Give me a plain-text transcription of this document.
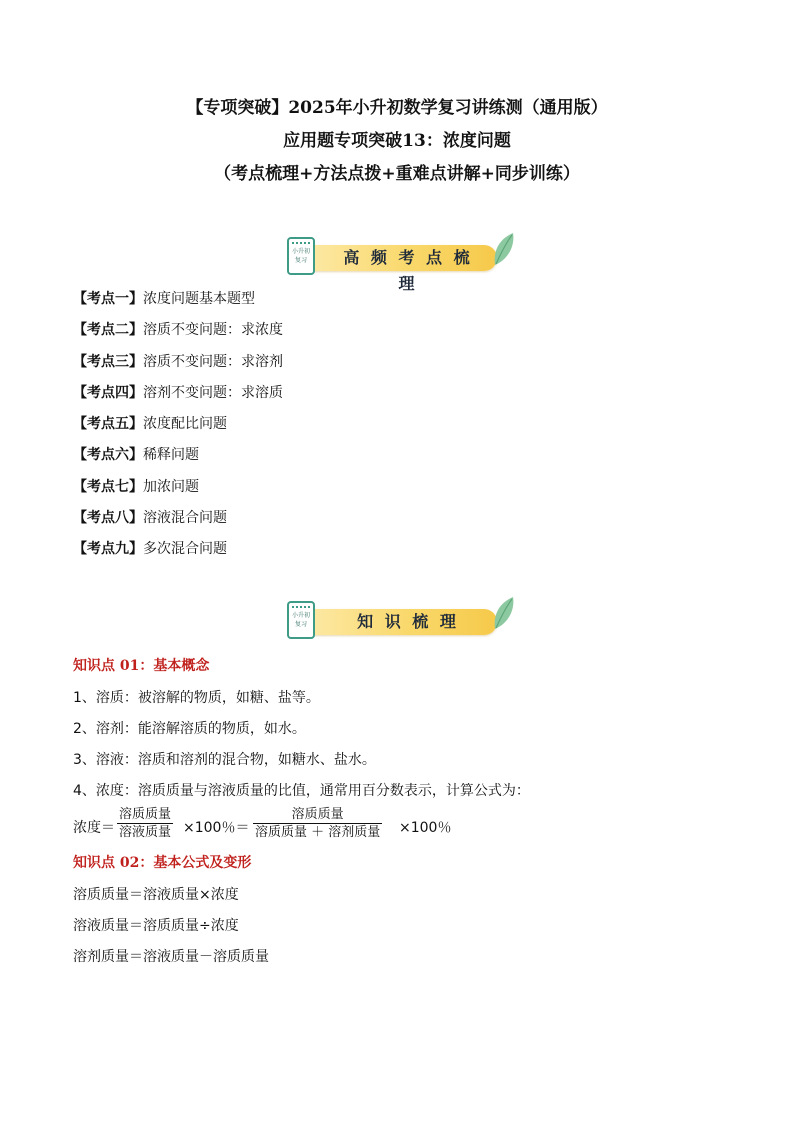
【专项突破】2025年小升初数学复习讲练测（通用版）
应用题专项突破13：浓度问题
（考点梳理+方法点拨+重难点讲解+同步训练）
高 频 考 点 梳 理
小升初
复习
【考点一】浓度问题基本题型
【考点二】溶质不变问题：求浓度
【考点三】溶质不变问题：求溶剂
【考点四】溶剂不变问题：求溶质
【考点五】浓度配比问题
【考点六】稀释问题
【考点七】加浓问题
【考点八】溶液混合问题
【考点九】多次混合问题
知 识 梳 理
小升初
复习
知识点 01：基本概念
1、溶质：被溶解的物质，如糖、盐等。
2、溶剂：能溶解溶质的物质，如水。
3、溶液：溶质和溶剂的混合物，如糖水、盐水。
4、浓度：溶质质量与溶液质量的比值，通常用百分数表示，计算公式为：
浓度＝
溶质质量
溶液质量 ×100％＝
溶质质量
溶质质量 ＋ 溶剂质量 ×100％
知识点 02：基本公式及变形
溶质质量＝溶液质量×浓度
溶液质量＝溶质质量÷浓度
溶剂质量＝溶液质量－溶质质量
